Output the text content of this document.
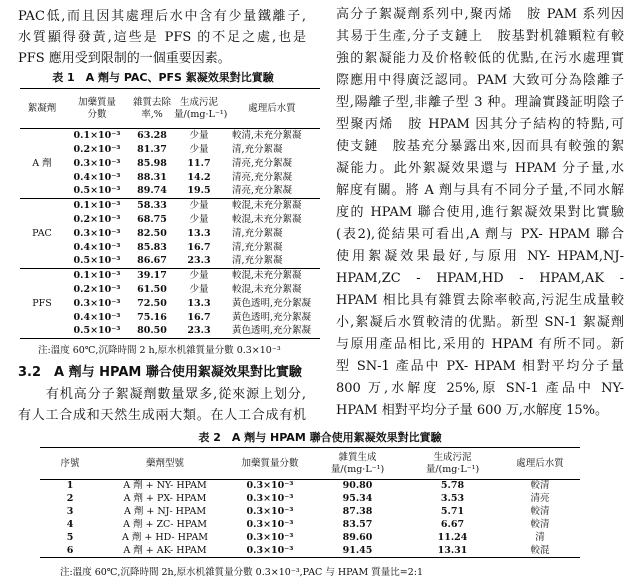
PAC低,而且因其處理后水中含有少量鐵離子,
水質顯得發黃,這些是 PFS 的不足之處,也是
PFS 應用受到限制的一個重要因素。
表 1　A 劑与 PAC、PFS 絮凝效果對比實驗
絮凝劑	加藥質量分數	雜質去除率,%	生成污泥量/(mg·L⁻¹)	處理后水質
A 劑	0.1×10⁻³	63.28	少量	較清,未充分絮凝
	0.2×10⁻³	81.37	少量	清,充分絮凝
	0.3×10⁻³	85.98	11.7	清亮,充分絮凝
	0.4×10⁻³	88.31	14.2	清亮,充分絮凝
	0.5×10⁻³	89.74	19.5	清亮,充分絮凝
PAC	0.1×10⁻³	58.33	少量	較混,未充分絮凝
	0.2×10⁻³	68.75	少量	較混,未充分絮凝
	0.3×10⁻³	82.50	13.3	清,充分絮凝
	0.4×10⁻³	85.83	16.7	清,充分絮凝
	0.5×10⁻³	86.67	23.3	清,充分絮凝
PFS	0.1×10⁻³	39.17	少量	較混,未充分絮凝
	0.2×10⁻³	61.50	少量	較混,未充分絮凝
	0.3×10⁻³	72.50	13.3	黃色透明,充分絮凝
	0.4×10⁻³	75.16	16.7	黃色透明,充分絮凝
	0.5×10⁻³	80.50	23.3	黃色透明,充分絮凝
注:溫度 60℃,沉降時間 2 h,原水机雜質量分數 0.3×10⁻³
3.2　A 劑与 HPAM 聯合使用絮凝效果對比實驗
　　有机高分子絮凝劑數量眾多,從來源上划分,
有人工合成和天然生成兩大類。在人工合成有机
高分子絮凝劑系列中,聚丙烯　胺 PAM 系列因
其易于生產,分子支鏈上　胺基對机雜顆粒有較
強的絮凝能力及价格較低的优點,在污水處理實
際應用中得廣泛認同。PAM 大致可分為陰離子
型,陽離子型,非離子型 3 种。理論實踐証明陰子
型聚丙烯　胺 HPAM 因其分子結构的特點,可
使支鏈　胺基充分暴露出來,因而具有較強的絮
凝能力。此外絮凝效果還与 HPAM 分子量,水
解度有關。將 A 劑与具有不同分子量,不同水解
度的 HPAM 聯合使用,進行絮凝效果對比實驗
(表2),從結果可看出,A 劑与 PX- HPAM 聯合
使用絮凝效果最好,与原用 NY- HPAM,NJ-
HPAM,ZC - HPAM,HD - HPAM,AK -
HPAM 相比具有雜質去除率較高,污泥生成量較
小,絮凝后水質較清的优點。新型 SN-1 絮凝劑
与原用產品相比,采用的 HPAM 有所不同。新
型 SN-1 產品中 PX- HPAM 相對平均分子量
800 万,水解度 25%,原 SN-1 產品中 NY-
HPAM 相對平均分子量 600 万,水解度 15%。
表 2　A 劑与 HPAM 聯合使用絮凝效果對比實驗
序號	藥劑型號	加藥質量分數	雜質生成量/(mg·L⁻¹)	生成污泥量/(mg·L⁻¹)	處理后水質
1	A 劑 + NY- HPAM	0.3×10⁻³	90.80	5.78	較清
2	A 劑 + PX- HPAM	0.3×10⁻³	95.34	3.53	清亮
3	A 劑 + NJ- HPAM	0.3×10⁻³	87.38	5.71	較清
4	A 劑 + ZC- HPAM	0.3×10⁻³	83.57	6.67	較清
5	A 劑 + HD- HPAM	0.3×10⁻³	89.60	11.24	清
6	A 劑 + AK- HPAM	0.3×10⁻³	91.45	13.31	較混
注:溫度 60℃,沉降時間 2h,原水机雜質量分數 0.3×10⁻³,PAC 与 HPAM 質量比=2:1
